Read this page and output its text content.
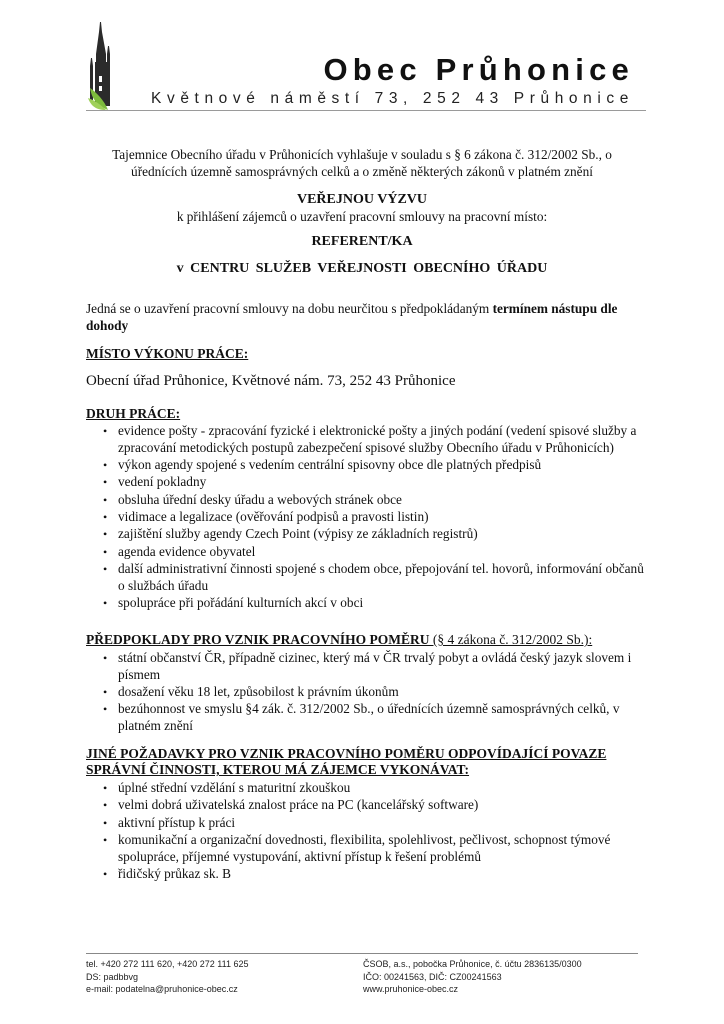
Obec Průhonice
Květnové náměstí 73, 252 43 Průhonice
Tajemnice Obecního úřadu v Průhonicích vyhlašuje v souladu s § 6 zákona č. 312/2002 Sb., o úřednících územně samosprávných celků a o změně některých zákonů v platném znění
VEŘEJNOU VÝZVU
k přihlášení zájemců o uzavření pracovní smlouvy na pracovní místo:
REFERENT/KA
v CENTRU SLUŽEB VEŘEJNOSTI OBECNÍHO ÚŘADU
Jedná se o uzavření pracovní smlouvy na dobu neurčitou s předpokládaným termínem nástupu dle dohody
MÍSTO VÝKONU PRÁCE:
Obecní úřad Průhonice, Květnové nám. 73, 252 43 Průhonice
DRUH PRÁCE:
• evidence pošty - zpracování fyzické i elektronické pošty a jiných podání (vedení spisové služby a zpracování metodických postupů zabezpečení spisové služby Obecního úřadu v Průhonicích)
• výkon agendy spojené s vedením centrální spisovny obce dle platných předpisů
• vedení pokladny
• obsluha úřední desky úřadu a webových stránek obce
• vidimace a legalizace (ověřování podpisů a pravosti listin)
• zajištění služby agendy Czech Point (výpisy ze základních registrů)
• agenda evidence obyvatel
• další administrativní činnosti spojené s chodem obce, přepojování tel. hovorů, informování občanů o službách úřadu
• spolupráce při pořádání kulturních akcí v obci
PŘEDPOKLADY PRO VZNIK PRACOVNÍHO POMĚRU (§ 4 zákona č. 312/2002 Sb.):
• státní občanství ČR, případně cizinec, který má v ČR trvalý pobyt a ovládá český jazyk slovem i písmem
• dosažení věku 18 let, způsobilost k právním úkonům
• bezúhonnost ve smyslu §4 zák. č. 312/2002 Sb., o úřednících územně samosprávných celků, v platném znění
JINÉ POŽADAVKY PRO VZNIK PRACOVNÍHO POMĚRU ODPOVÍDAJÍCÍ POVAZE
SPRÁVNÍ ČINNOSTI, KTEROU MÁ ZÁJEMCE VYKONÁVAT:
• úplné střední vzdělání s maturitní zkouškou
• velmi dobrá uživatelská znalost práce na PC (kancelářský software)
• aktivní přístup k práci
• komunikační a organizační dovednosti, flexibilita, spolehlivost, pečlivost, schopnost týmové spolupráce, příjemné vystupování, aktivní přístup k řešení problémů
• řidičský průkaz sk. B
tel. +420 272 111 620, +420 272 111 625
DS: padbbvg
e-mail: podatelna@pruhonice-obec.cz
ČSOB, a.s., pobočka Průhonice, č. účtu 2836135/0300
IČO: 00241563, DIČ: CZ00241563
www.pruhonice-obec.cz
